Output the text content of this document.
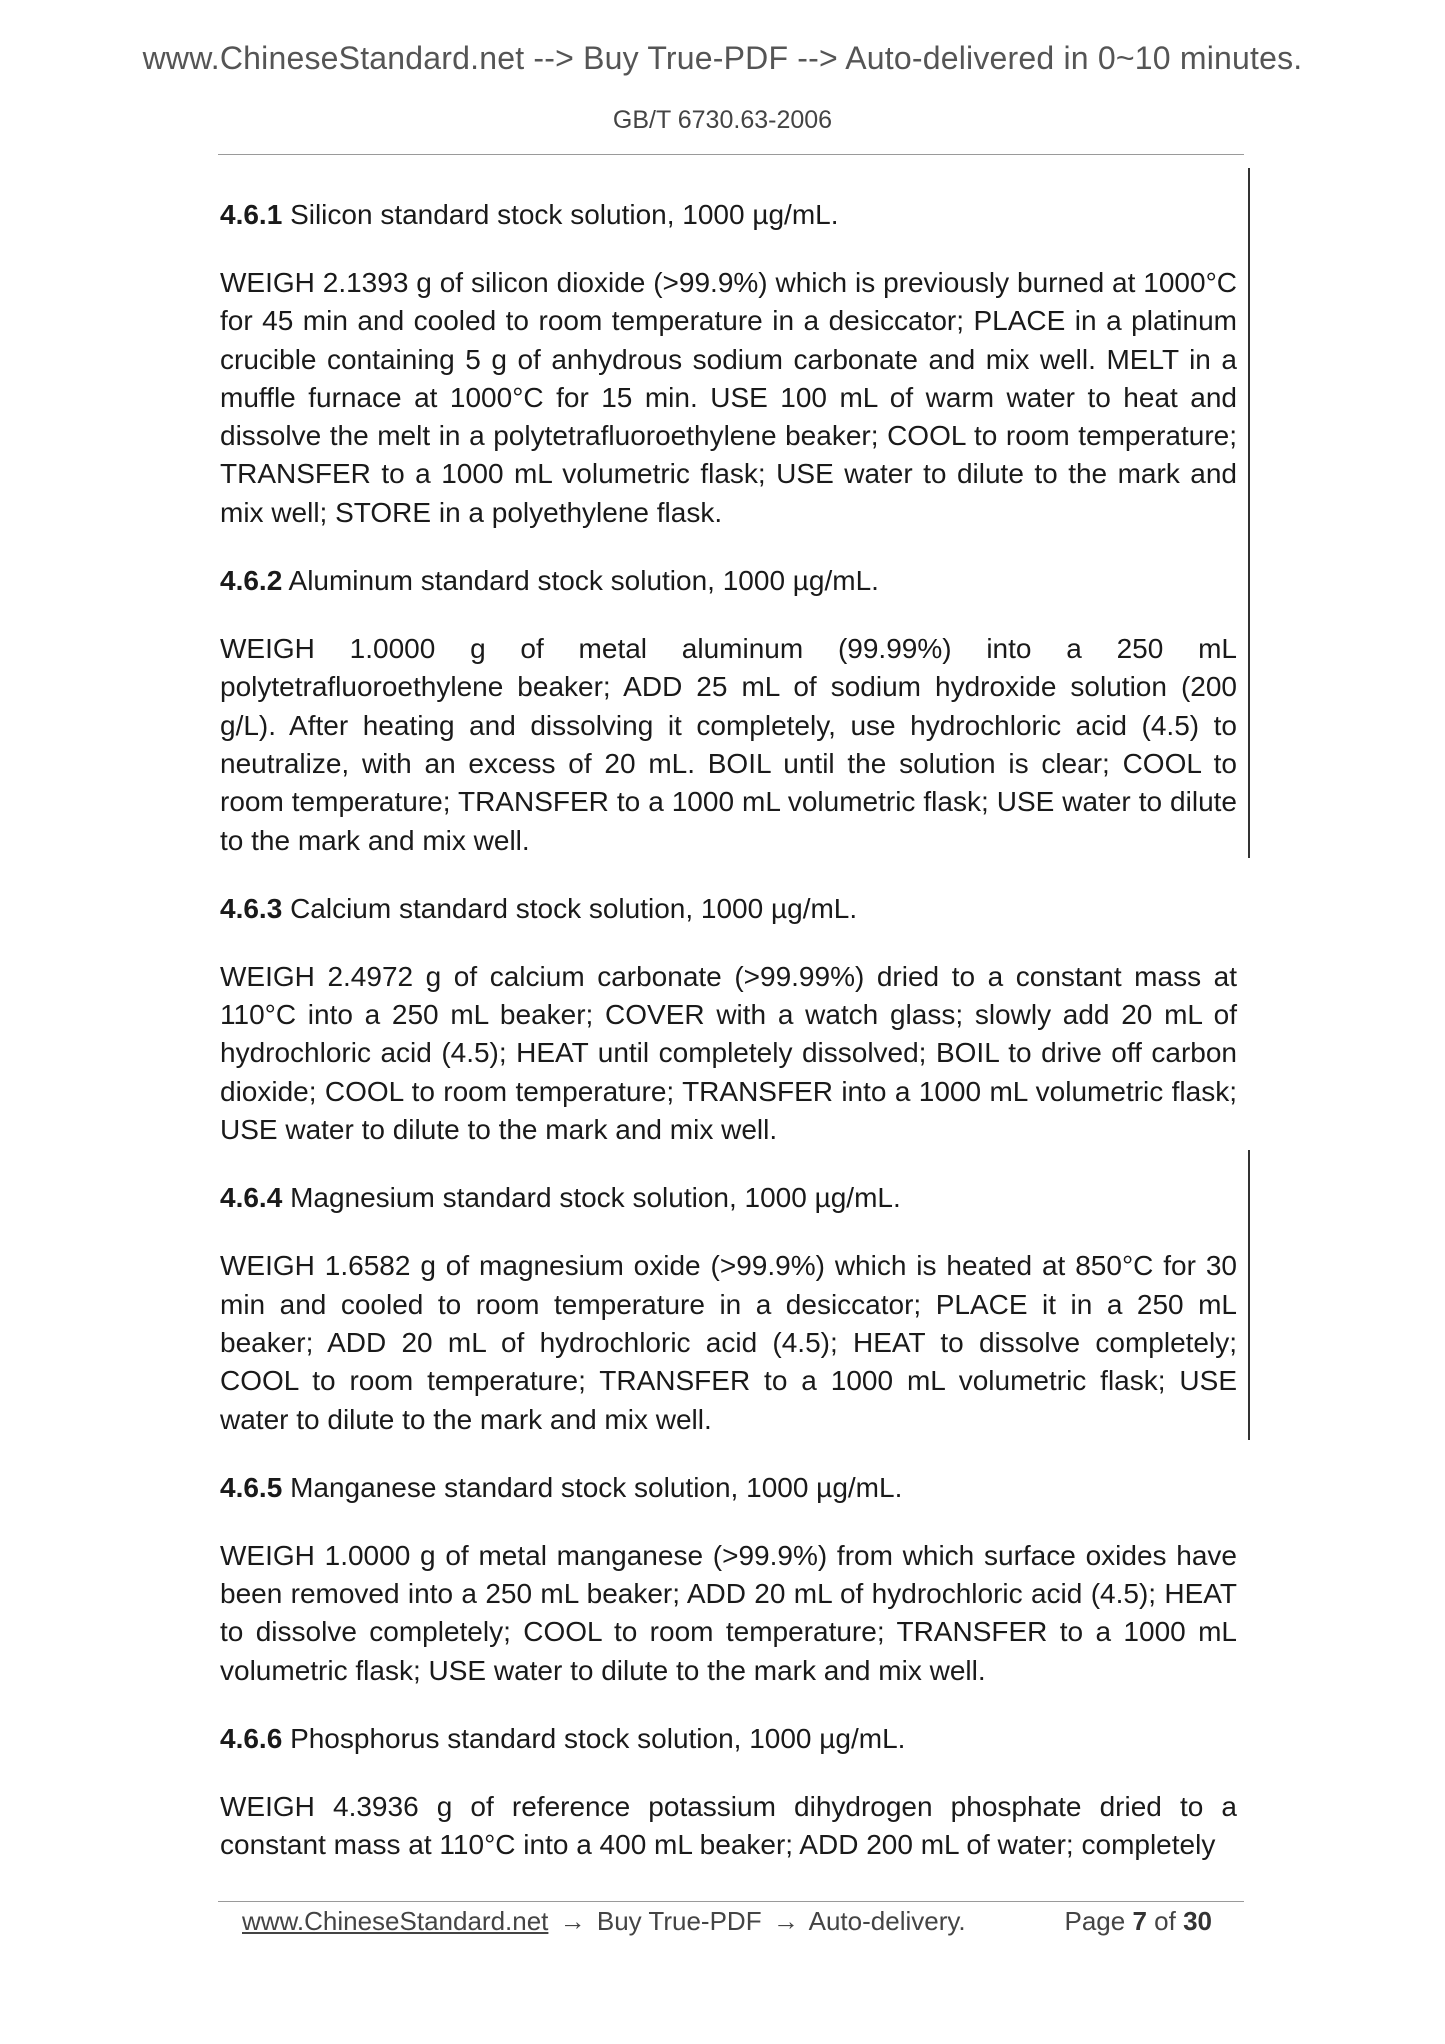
www.ChineseStandard.net --> Buy True-PDF --> Auto-delivered in 0~10 minutes.
GB/T 6730.63-2006
4.6.1 Silicon standard stock solution, 1000 µg/mL.
WEIGH 2.1393 g of silicon dioxide (>99.9%) which is previously burned at 1000°C for 45 min and cooled to room temperature in a desiccator; PLACE in a platinum crucible containing 5 g of anhydrous sodium carbonate and mix well. MELT in a muffle furnace at 1000°C for 15 min. USE 100 mL of warm water to heat and dissolve the melt in a polytetrafluoroethylene beaker; COOL to room temperature; TRANSFER to a 1000 mL volumetric flask; USE water to dilute to the mark and mix well; STORE in a polyethylene flask.
4.6.2 Aluminum standard stock solution, 1000 µg/mL.
WEIGH 1.0000 g of metal aluminum (99.99%) into a 250 mL polytetrafluoroethylene beaker; ADD 25 mL of sodium hydroxide solution (200 g/L). After heating and dissolving it completely, use hydrochloric acid (4.5) to neutralize, with an excess of 20 mL. BOIL until the solution is clear; COOL to room temperature; TRANSFER to a 1000 mL volumetric flask; USE water to dilute to the mark and mix well.
4.6.3 Calcium standard stock solution, 1000 µg/mL.
WEIGH 2.4972 g of calcium carbonate (>99.99%) dried to a constant mass at 110°C into a 250 mL beaker; COVER with a watch glass; slowly add 20 mL of hydrochloric acid (4.5); HEAT until completely dissolved; BOIL to drive off carbon dioxide; COOL to room temperature; TRANSFER into a 1000 mL volumetric flask; USE water to dilute to the mark and mix well.
4.6.4 Magnesium standard stock solution, 1000 µg/mL.
WEIGH 1.6582 g of magnesium oxide (>99.9%) which is heated at 850°C for 30 min and cooled to room temperature in a desiccator; PLACE it in a 250 mL beaker; ADD 20 mL of hydrochloric acid (4.5); HEAT to dissolve completely; COOL to room temperature; TRANSFER to a 1000 mL volumetric flask; USE water to dilute to the mark and mix well.
4.6.5 Manganese standard stock solution, 1000 µg/mL.
WEIGH 1.0000 g of metal manganese (>99.9%) from which surface oxides have been removed into a 250 mL beaker; ADD 20 mL of hydrochloric acid (4.5); HEAT to dissolve completely; COOL to room temperature; TRANSFER to a 1000 mL volumetric flask; USE water to dilute to the mark and mix well.
4.6.6 Phosphorus standard stock solution, 1000 µg/mL.
WEIGH 4.3936 g of reference potassium dihydrogen phosphate dried to a constant mass at 110°C into a 400 mL beaker; ADD 200 mL of water; completely
www.ChineseStandard.net → Buy True-PDF → Auto-delivery.	Page 7 of 30
